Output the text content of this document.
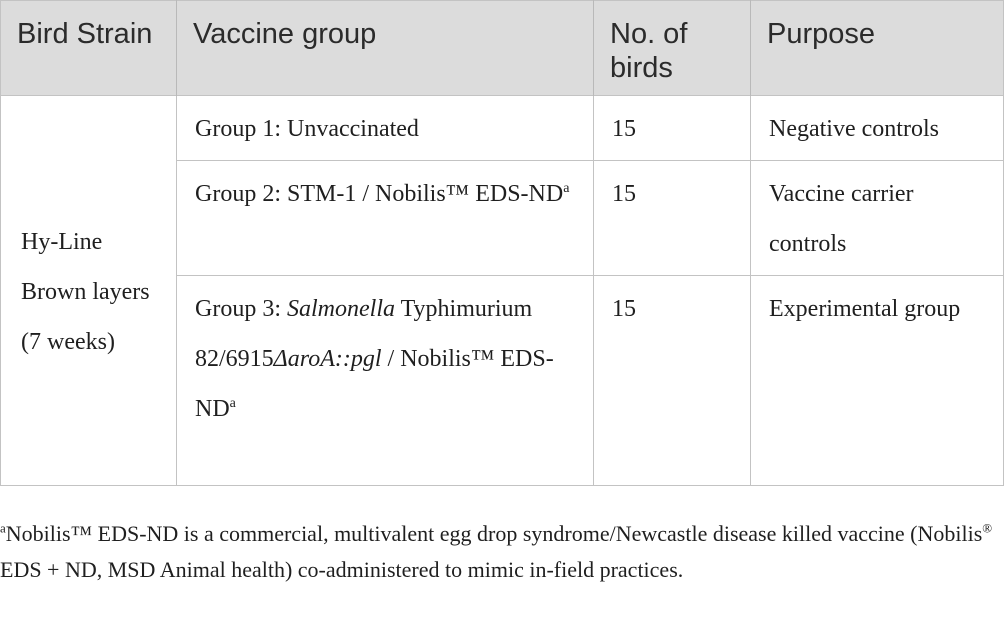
Bird Strain	Vaccine group	No. of birds	Purpose
Hy-Line Brown layers (7 weeks)	Group 1: Unvaccinated	15	Negative controls
	Group 2: STM-1 / Nobilis™ EDS-$ND^a$	15	Vaccine carrier controls
	Group 3: Salmonella Typhimurium 82/6915ΔaroA::pgl / Nobilis™ EDS-$ND^a$	15	Experimental group
$^a$Nobilis™ EDS-ND is a commercial, multivalent egg drop syndrome/Newcastle disease killed vaccine (Nobilis® EDS + ND, MSD Animal health) co-administered to mimic in-field practices.
